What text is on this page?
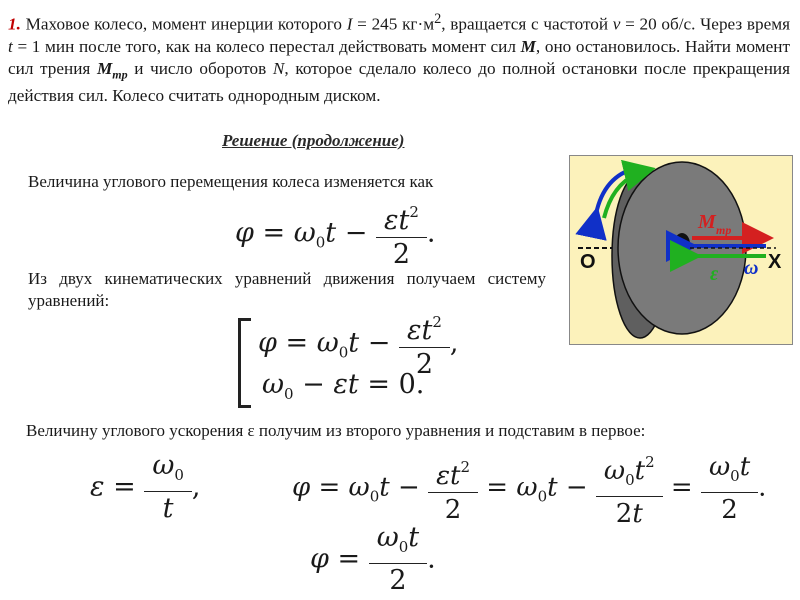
1. Маховое колесо, момент инерции которого I = 245 $кг\cdot м^2$, вращается с частотой ν = 20 об/с. Через время t = 1 мин после того, как на колесо перестал действовать момент сил M, оно остановилось. Найти момент сил трения $M_{тр}$ и число оборотов N, которое сделало колесо до полной остановки после прекращения действия сил. Колесо считать однородным диском.
Решение (продолжение)
Величина углового перемещения колеса изменяется как
$\varphi = \omega_0t - \frac{\varepsilon t^2}{2}$ .
Из двух кинематических уравнений движения получаем систему уравнений:
$\varphi = \omega_0t - \frac{\varepsilon t^2}{2}$ ,
$\omega_0 - \varepsilon t = 0$.
Величину углового ускорения ε получим из второго уравнения и подставим в первое:
$\varepsilon = \frac{\omega_0}{t}$ ,	$\varphi = \omega_0t - \frac{\varepsilon t^2}{2} = \omega_0t - \frac{\omega_0t^2}{2t} = \frac{\omega_0t}{2}$ .
$\varphi = \frac{\omega_0t}{2}$ .
O	X
M тр
ω
ε
